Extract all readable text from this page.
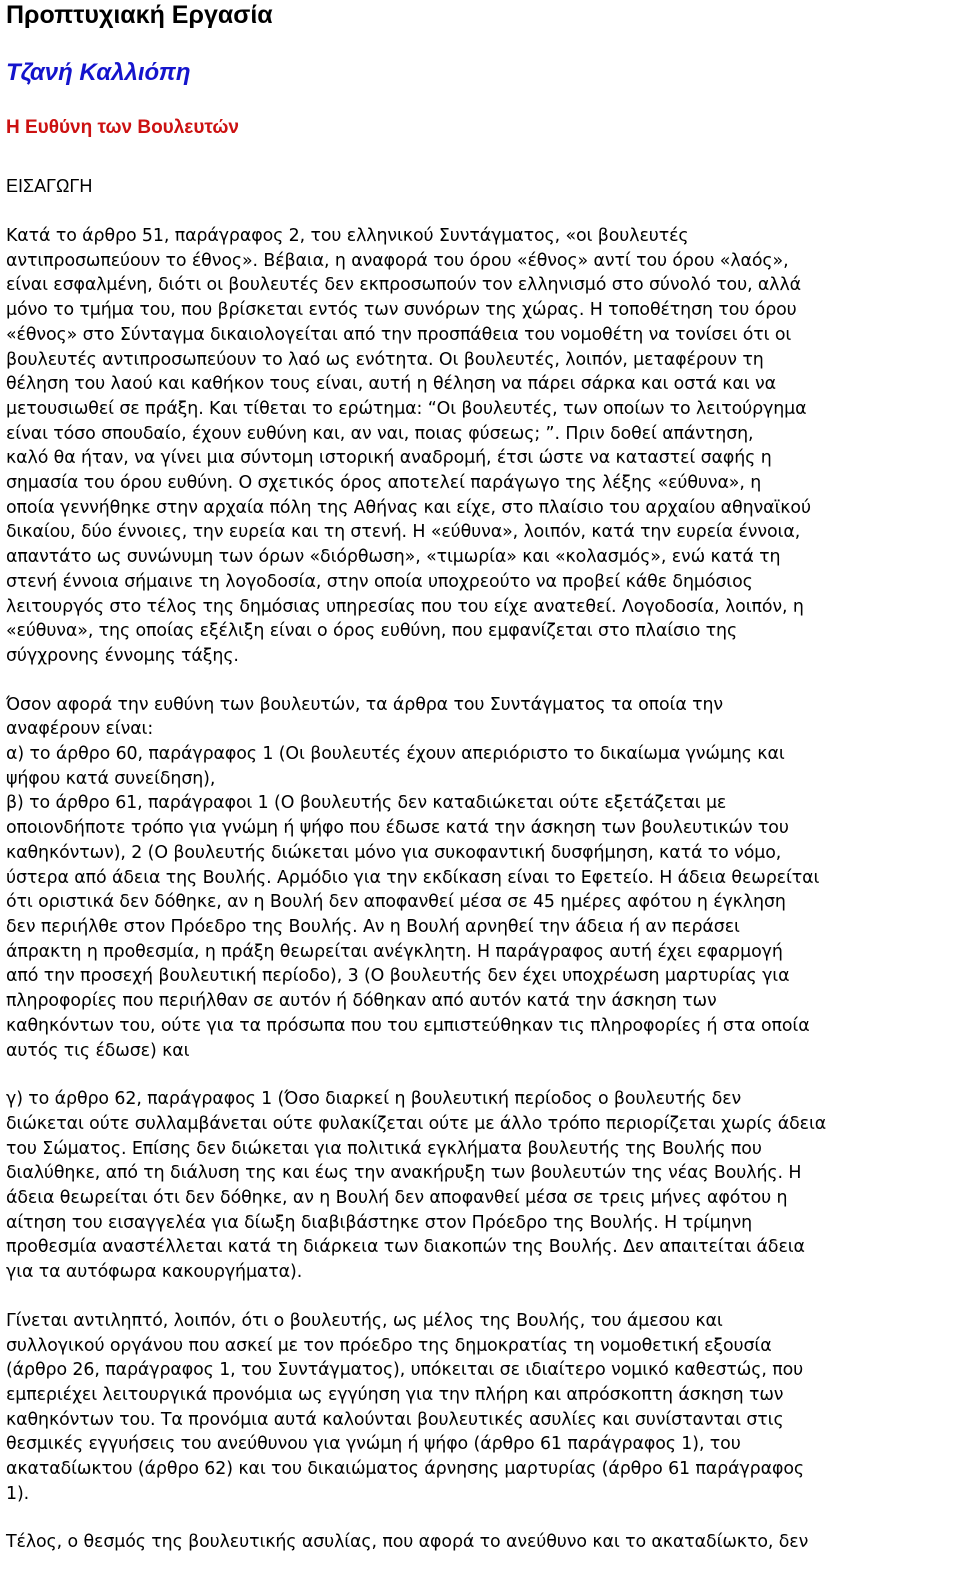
Προπτυχιακή Εργασία
Τζανή Καλλιόπη
Η Ευθύνη των Βουλευτών
ΕΙΣΑΓΩΓΗ
Κατά το άρθρο 51, παράγραφος 2, του ελληνικού Συντάγματος, «οι βουλευτές
αντιπροσωπεύουν το έθνος». Βέβαια, η αναφορά του όρου «έθνος» αντί του όρου «λαός»,
είναι εσφαλμένη, διότι οι βουλευτές δεν εκπροσωπούν τον ελληνισμό στο σύνολό του, αλλά
μόνο το τμήμα του, που βρίσκεται εντός των συνόρων της χώρας. Η τοποθέτηση του όρου
«έθνος» στο Σύνταγμα δικαιολογείται από την προσπάθεια του νομοθέτη να τονίσει ότι οι
βουλευτές αντιπροσωπεύουν το λαό ως ενότητα. Οι βουλευτές, λοιπόν, μεταφέρουν τη
θέληση του λαού και καθήκον τους είναι, αυτή η θέληση να πάρει σάρκα και οστά και να
μετουσιωθεί σε πράξη. Και τίθεται το ερώτημα: “Οι βουλευτές, των οποίων το λειτούργημα
είναι τόσο σπουδαίο, έχουν ευθύνη και, αν ναι, ποιας φύσεως; ”. Πριν δοθεί απάντηση,
καλό θα ήταν, να γίνει μια σύντομη ιστορική αναδρομή, έτσι ώστε να καταστεί σαφής η
σημασία του όρου ευθύνη. Ο σχετικός όρος αποτελεί παράγωγο της λέξης «εύθυνα», η
οποία γεννήθηκε στην αρχαία πόλη της Αθήνας και είχε, στο πλαίσιο του αρχαίου αθηναϊκού
δικαίου, δύο έννοιες, την ευρεία και τη στενή. Η «εύθυνα», λοιπόν, κατά την ευρεία έννοια,
απαντάτο ως συνώνυμη των όρων «διόρθωση», «τιμωρία» και «κολασμός», ενώ κατά τη
στενή έννοια σήμαινε τη λογοδοσία, στην οποία υποχρεούτο να προβεί κάθε δημόσιος
λειτουργός στο τέλος της δημόσιας υπηρεσίας που του είχε ανατεθεί. Λογοδοσία, λοιπόν, η
«εύθυνα», της οποίας εξέλιξη είναι ο όρος ευθύνη, που εμφανίζεται στο πλαίσιο της
σύγχρονης έννομης τάξης.
Όσον αφορά την ευθύνη των βουλευτών, τα άρθρα του Συντάγματος τα οποία την
αναφέρουν είναι:
α) το άρθρο 60, παράγραφος 1 (Οι βουλευτές έχουν απεριόριστο το δικαίωμα γνώμης και
ψήφου κατά συνείδηση),
β) το άρθρο 61, παράγραφοι 1 (Ο βουλευτής δεν καταδιώκεται ούτε εξετάζεται με
οποιονδήποτε τρόπο για γνώμη ή ψήφο που έδωσε κατά την άσκηση των βουλευτικών του
καθηκόντων), 2 (Ο βουλευτής διώκεται μόνο για συκοφαντική δυσφήμηση, κατά το νόμο,
ύστερα από άδεια της Βουλής. Αρμόδιο για την εκδίκαση είναι το Εφετείο. Η άδεια θεωρείται
ότι οριστικά δεν δόθηκε, αν η Βουλή δεν αποφανθεί μέσα σε 45 ημέρες αφότου η έγκληση
δεν περιήλθε στον Πρόεδρο της Βουλής. Αν η Βουλή αρνηθεί την άδεια ή αν περάσει
άπρακτη η προθεσμία, η πράξη θεωρείται ανέγκλητη. Η παράγραφος αυτή έχει εφαρμογή
από την προσεχή βουλευτική περίοδο), 3 (Ο βουλευτής δεν έχει υποχρέωση μαρτυρίας για
πληροφορίες που περιήλθαν σε αυτόν ή δόθηκαν από αυτόν κατά την άσκηση των
καθηκόντων του, ούτε για τα πρόσωπα που του εμπιστεύθηκαν τις πληροφορίες ή στα οποία
αυτός τις έδωσε) και
γ) το άρθρο 62, παράγραφος 1 (Όσο διαρκεί η βουλευτική περίοδος ο βουλευτής δεν
διώκεται ούτε συλλαμβάνεται ούτε φυλακίζεται ούτε με άλλο τρόπο περιορίζεται χωρίς άδεια
του Σώματος. Επίσης δεν διώκεται για πολιτικά εγκλήματα βουλευτής της Βουλής που
διαλύθηκε, από τη διάλυση της και έως την ανακήρυξη των βουλευτών της νέας Βουλής. Η
άδεια θεωρείται ότι δεν δόθηκε, αν η Βουλή δεν αποφανθεί μέσα σε τρεις μήνες αφότου η
αίτηση του εισαγγελέα για δίωξη διαβιβάστηκε στον Πρόεδρο της Βουλής. Η τρίμηνη
προθεσμία αναστέλλεται κατά τη διάρκεια των διακοπών της Βουλής. Δεν απαιτείται άδεια
για τα αυτόφωρα κακουργήματα).
Γίνεται αντιληπτό, λοιπόν, ότι ο βουλευτής, ως μέλος της Βουλής, του άμεσου και
συλλογικού οργάνου που ασκεί με τον πρόεδρο της δημοκρατίας τη νομοθετική εξουσία
(άρθρο 26, παράγραφος 1, του Συντάγματος), υπόκειται σε ιδιαίτερο νομικό καθεστώς, που
εμπεριέχει λειτουργικά προνόμια ως εγγύηση για την πλήρη και απρόσκοπτη άσκηση των
καθηκόντων του. Τα προνόμια αυτά καλούνται βουλευτικές ασυλίες και συνίστανται στις
θεσμικές εγγυήσεις του ανεύθυνου για γνώμη ή ψήφο (άρθρο 61 παράγραφος 1), του
ακαταδίωκτου (άρθρο 62) και του δικαιώματος άρνησης μαρτυρίας (άρθρο 61 παράγραφος
1).
Τέλος, ο θεσμός της βουλευτικής ασυλίας, που αφορά το ανεύθυνο και το ακαταδίωκτο, δεν
